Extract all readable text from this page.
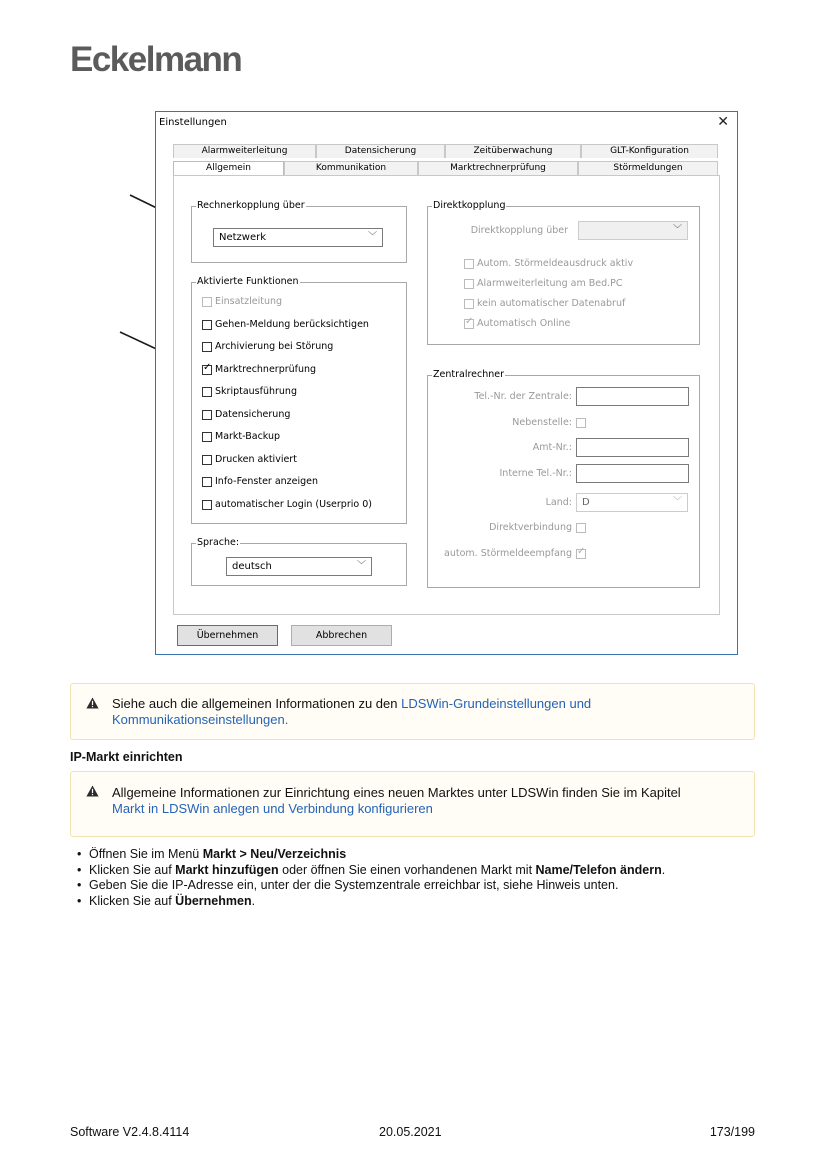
Eckelmann
Einstellungen	✕
Alarmweiterleitung	Datensicherung	Zeitüberwachung	GLT-Konfiguration
Allgemein	Kommunikation	Marktrechnerprüfung	Störmeldungen
Rechnerkopplung über
Netzwerk	﹀
Aktivierte Funktionen
Einsatzleitung
Gehen-Meldung berücksichtigen
Archivierung bei Störung
✓ Marktrechnerprüfung
Skriptausführung
Datensicherung
Markt-Backup
Drucken aktiviert
Info-Fenster anzeigen
automatischer Login (Userprio 0)
Sprache:
deutsch	﹀
Direktkopplung
Direktkopplung über	﹀
Autom. Störmeldeausdruck aktiv
Alarmweiterleitung am Bed.PC
kein automatischer Datenabruf
✓ Automatisch Online
Zentralrechner
Tel.-Nr. der Zentrale:
Nebenstelle:
Amt-Nr.:
Interne Tel.-Nr.:
Land:	D	﹀
Direktverbindung
autom. Störmeldeempfang ✓
Übernehmen	Abbrechen
Siehe auch die allgemeinen Informationen zu den LDSWin-Grundeinstellungen und Kommunikationseinstellungen.
IP-Markt einrichten
Allgemeine Informationen zur Einrichtung eines neuen Marktes unter LDSWin finden Sie im Kapitel
Markt in LDSWin anlegen und Verbindung konfigurieren
• Öffnen Sie im Menü Markt > Neu/Verzeichnis
• Klicken Sie auf Markt hinzufügen oder öffnen Sie einen vorhandenen Markt mit Name/Telefon ändern.
• Geben Sie die IP-Adresse ein, unter der die Systemzentrale erreichbar ist, siehe Hinweis unten.
• Klicken Sie auf Übernehmen.
Software V2.4.8.4114	20.05.2021	173/199
